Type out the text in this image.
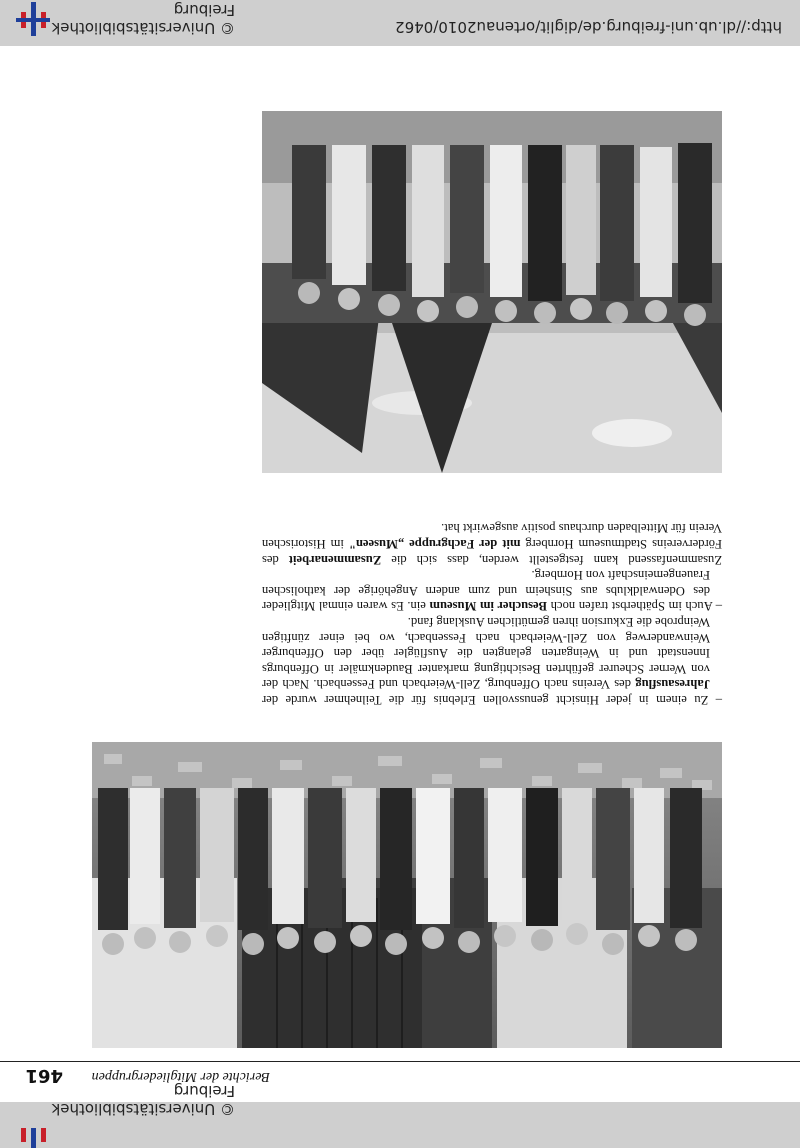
© Universitätsbibliothek Freiburg
Berichte der Mitgliedergruppen
461

– Zu einem in jeder Hinsicht genussvollen Erlebnis für die Teilnehmer wurde der Jahresausflug des Vereins nach Offenburg, Zell-Weierbach und Fessenbach. Nach der von Werner Scheurer geführten Besichtigung markanter Baudenkmäler in Offenburgs Innenstadt und in Weingarten gelangten die Ausflügler über den Offenburger Weinwanderweg von Zell-Weierbach nach Fessenbach, wo bei einer zünftigen Weinprobe die Exkursion ihren gemütlichen Ausklang fand.

– Auch im Spätherbst trafen noch Besucher im Museum ein. Es waren einmal Mitglieder des Odenwaldklubs aus Sinsheim und zum andern Angehörige der katholischen Frauengemeinschaft von Hornberg.

Zusammenfassend kann festgestellt werden, dass sich die Zusammenarbeit des Fördervereins Stadtmuseum Hornberg mit der Fachgruppe „Museen" im Historischen Verein für Mittelbaden durchaus positiv ausgewirkt hat.

http://dl.ub.uni-freiburg.de/diglit/ortenau2010/0462
© Universitätsbibliothek Freiburg
